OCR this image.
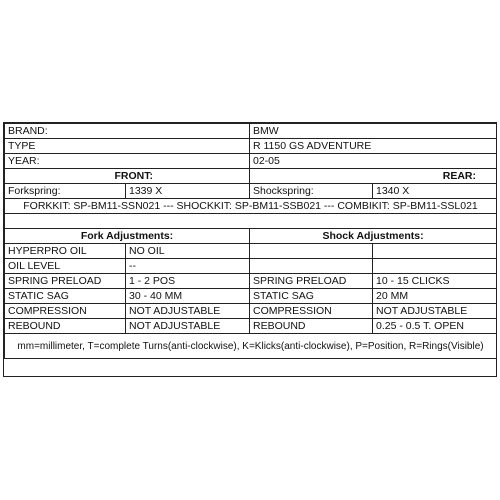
BRAND:		BMW	
TYPE		R 1150 GS ADVENTURE	
YEAR:		02-05	
FRONT:		REAR:	
Forkspring:	1339 X	Shockspring:	1340 X
FORKKIT: SP-BM11-SSN021 --- SHOCKKIT: SP-BM11-SSB021 --- COMBIKIT: SP-BM11-SSL021			

Fork Adjustments:		Shock Adjustments:	
HYPERPRO OIL	NO OIL		
OIL LEVEL	--		
SPRING PRELOAD	1 - 2 POS	SPRING PRELOAD	10 - 15 CLICKS
STATIC SAG	30 - 40 MM	STATIC SAG	20 MM
COMPRESSION	NOT ADJUSTABLE	COMPRESSION	NOT ADJUSTABLE
REBOUND	NOT ADJUSTABLE	REBOUND	0.25 - 0.5 T. OPEN
mm=millimeter, T=complete Turns(anti-clockwise), K=Klicks(anti-clockwise), P=Position, R=Rings(Visible)			
